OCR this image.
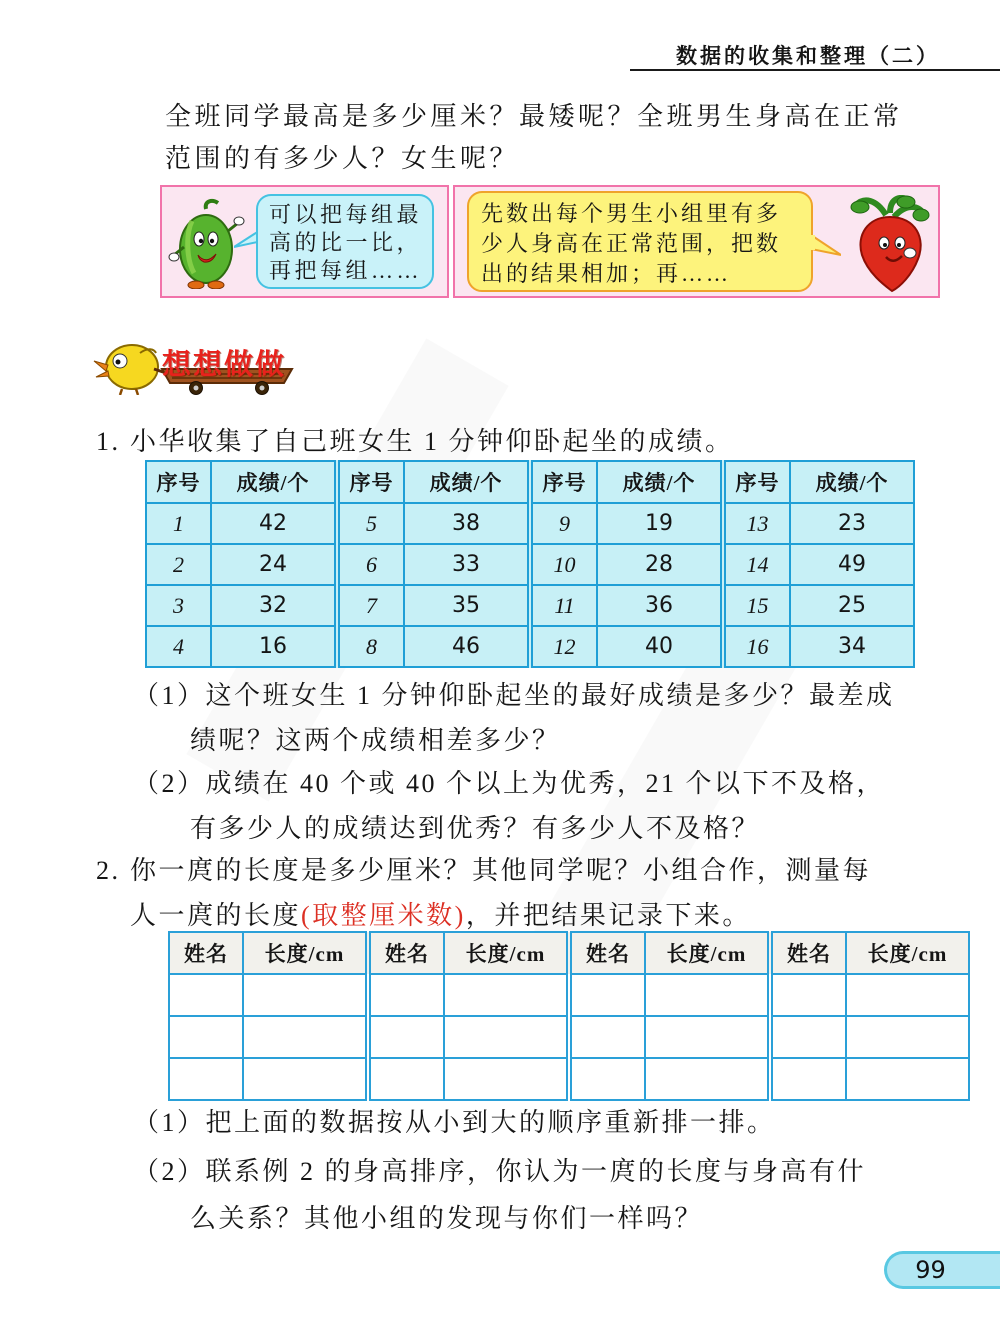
数据的收集和整理（二）
全班同学最高是多少厘米？最矮呢？全班男生身高在正常
范围的有多少人？女生呢？
可以把每组最
高的比一比，
再把每组……
先数出每个男生小组里有多
少人身高在正常范围，把数
出的结果相加；再……
想想做做
1. 小华收集了自己班女生 1 分钟仰卧起坐的成绩。
序号	成绩/个	序号	成绩/个	序号	成绩/个	序号	成绩/个
1	42	5	38	9	19	13	23
2	24	6	33	10	28	14	49
3	32	7	35	11	36	15	25
4	16	8	46	12	40	16	34
（1）这个班女生 1 分钟仰卧起坐的最好成绩是多少？最差成
绩呢？这两个成绩相差多少？
（2）成绩在 40 个或 40 个以上为优秀，21 个以下不及格，
有多少人的成绩达到优秀？有多少人不及格？
2. 你一庹的长度是多少厘米？其他同学呢？小组合作，测量每
人一庹的长度(取整厘米数)，并把结果记录下来。
姓名	长度/cm	姓名	长度/cm	姓名	长度/cm	姓名	长度/cm

（1）把上面的数据按从小到大的顺序重新排一排。
（2）联系例 2 的身高排序，你认为一庹的长度与身高有什
么关系？其他小组的发现与你们一样吗？
99
